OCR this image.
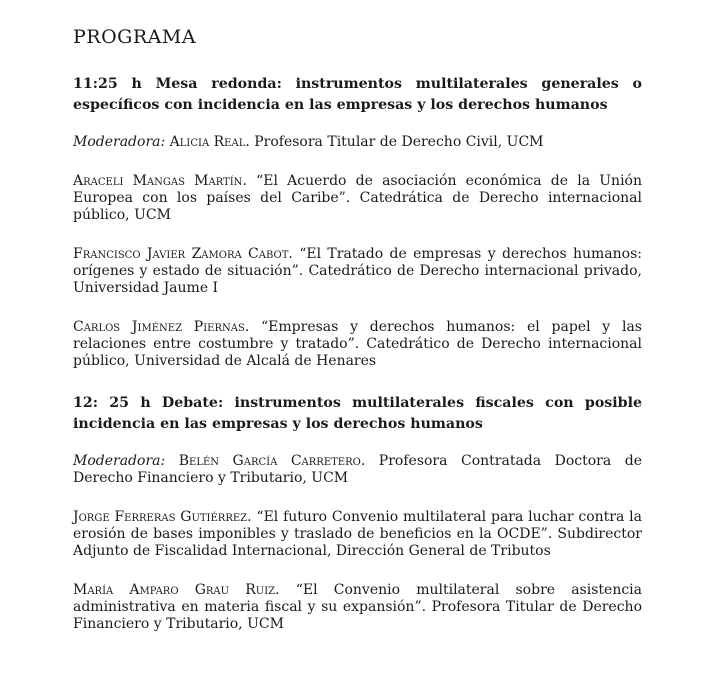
PROGRAMA
11:25 h Mesa redonda: instrumentos multilaterales generales o específicos con incidencia en las empresas y los derechos humanos

Moderadora: Alicia Real. Profesora Titular de Derecho Civil, UCM

Araceli Mangas Martín. “El Acuerdo de asociación económica de la Unión Europea con los países del Caribe”. Catedrática de Derecho internacional público, UCM

Francisco Javier Zamora Cabot. “El Tratado de empresas y derechos humanos: orígenes y estado de situación”. Catedrático de Derecho internacional privado, Universidad Jaume I

Carlos Jiménez Piernas. “Empresas y derechos humanos: el papel y las relaciones entre costumbre y tratado”. Catedrático de Derecho internacional público, Universidad de Alcalá de Henares

12: 25 h Debate: instrumentos multilaterales fiscales con posible incidencia en las empresas y los derechos humanos

Moderadora: Belén García Carretero. Profesora Contratada Doctora de Derecho Financiero y Tributario, UCM

Jorge Ferreras Gutiérrez. “El futuro Convenio multilateral para luchar contra la erosión de bases imponibles y traslado de beneficios en la OCDE”. Subdirector Adjunto de Fiscalidad Internacional, Dirección General de Tributos

María Amparo Grau Ruiz. “El Convenio multilateral sobre asistencia administrativa en materia fiscal y su expansión”. Profesora Titular de Derecho Financiero y Tributario, UCM
